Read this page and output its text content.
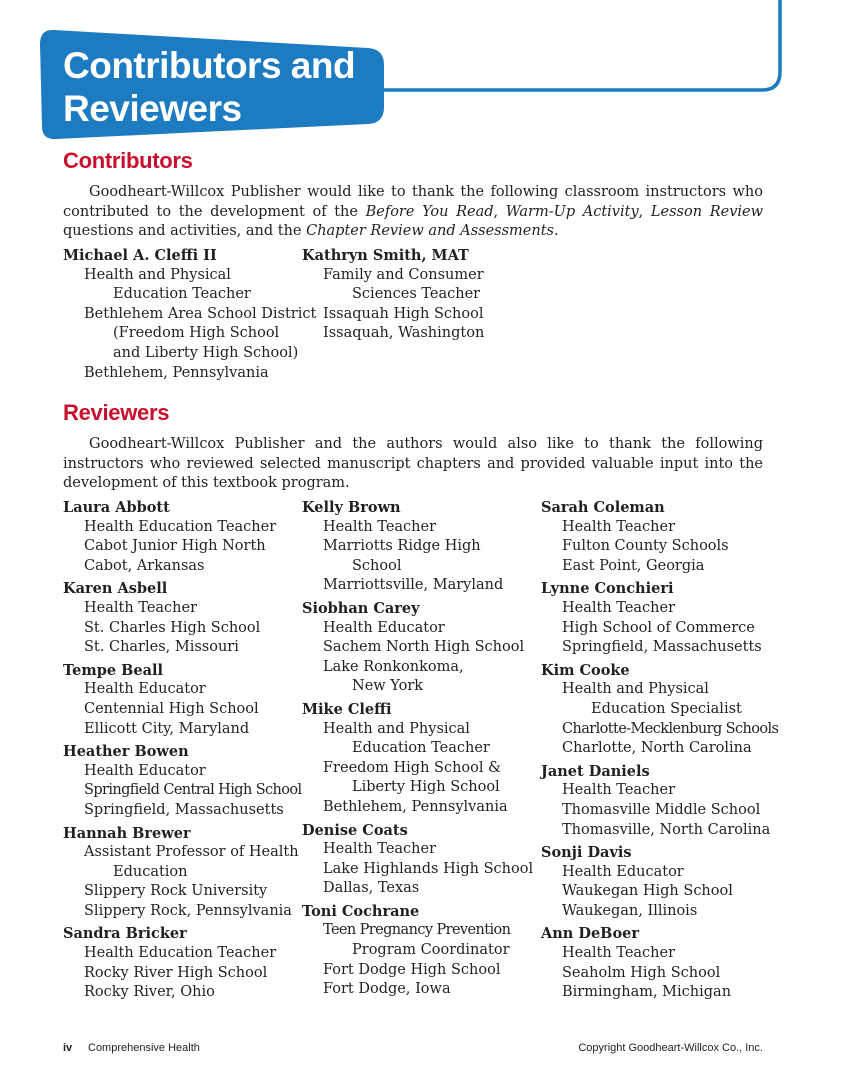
Contributors and Reviewers
Contributors

Goodheart-Willcox Publisher would like to thank the following classroom instructors who contributed to the development of the Before You Read, Warm-Up Activity, Lesson Review questions and activities, and the Chapter Review and Assessments.

Michael A. Cleffi II
Health and Physical
Education Teacher
Bethlehem Area School District
(Freedom High School
and Liberty High School)
Bethlehem, Pennsylvania
Kathryn Smith, MAT
Family and Consumer
Sciences Teacher
Issaquah High School
Issaquah, Washington
Reviewers

Goodheart-Willcox Publisher and the authors would also like to thank the following instructors who reviewed selected manuscript chapters and provided valuable input into the development of this textbook program.

Laura Abbott
Health Education Teacher
Cabot Junior High North
Cabot, Arkansas
Karen Asbell
Health Teacher
St. Charles High School
St. Charles, Missouri
Tempe Beall
Health Educator
Centennial High School
Ellicott City, Maryland
Heather Bowen
Health Educator
Springfield Central High School
Springfield, Massachusetts
Hannah Brewer
Assistant Professor of Health
Education
Slippery Rock University
Slippery Rock, Pennsylvania
Sandra Bricker
Health Education Teacher
Rocky River High School
Rocky River, Ohio
Kelly Brown
Health Teacher
Marriotts Ridge High
School
Marriottsville, Maryland
Siobhan Carey
Health Educator
Sachem North High School
Lake Ronkonkoma,
New York
Mike Cleffi
Health and Physical
Education Teacher
Freedom High School &
Liberty High School
Bethlehem, Pennsylvania
Denise Coats
Health Teacher
Lake Highlands High School
Dallas, Texas
Toni Cochrane
Teen Pregnancy Prevention
Program Coordinator
Fort Dodge High School
Fort Dodge, Iowa
Sarah Coleman
Health Teacher
Fulton County Schools
East Point, Georgia
Lynne Conchieri
Health Teacher
High School of Commerce
Springfield, Massachusetts
Kim Cooke
Health and Physical
Education Specialist
Charlotte-Mecklenburg Schools
Charlotte, North Carolina
Janet Daniels
Health Teacher
Thomasville Middle School
Thomasville, North Carolina
Sonji Davis
Health Educator
Waukegan High School
Waukegan, Illinois
Ann DeBoer
Health Teacher
Seaholm High School
Birmingham, Michigan
iv Comprehensive Health	Copyright Goodheart-Willcox Co., Inc.
